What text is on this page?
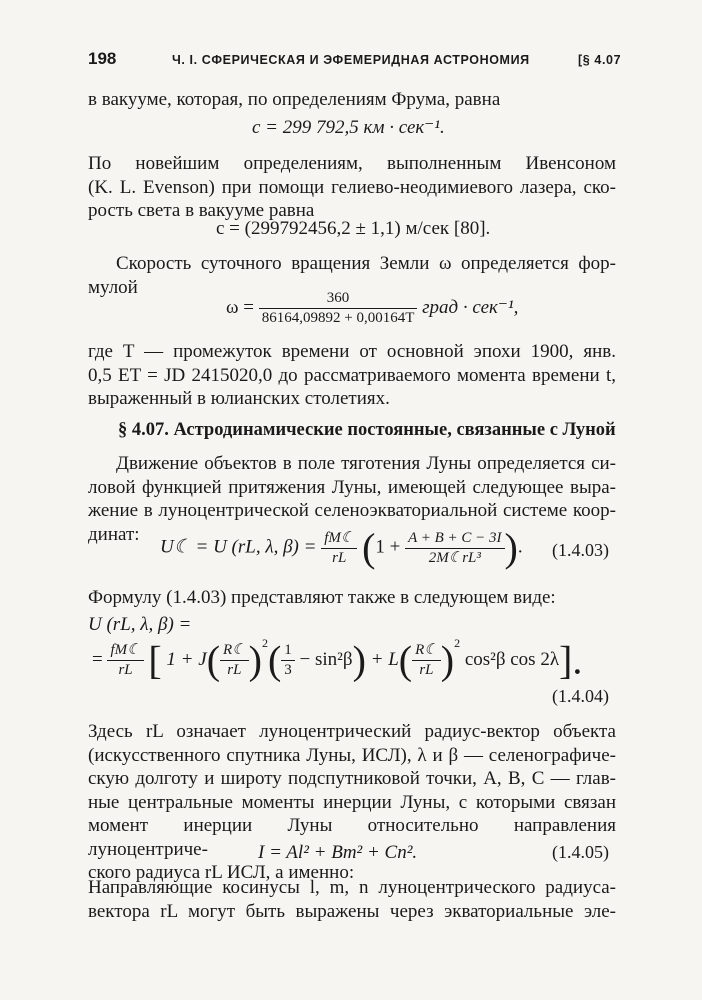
198	Ч. I. СФЕРИЧЕСКАЯ И ЭФЕМЕРИДНАЯ АСТРОНОМИЯ	[§ 4.07
в вакууме, которая, по определениям Фрума, равна
c = 299 792,5 км · сек⁻¹.
По новейшим определениям, выполненным Ивенсоном
(K. L. Evenson) при помощи гелиево-неодимиевого лазера, ско-
рость света в вакууме равна
c = (299792456,2 ± 1,1) м/сек [80].
Скорость суточного вращения Земли ω определяется фор-
мулой
$\omega = \frac{360}{86164,09892 + 0,00164T}$ град · сек⁻¹,
где T — промежуток времени от основной эпохи 1900, янв.
0,5 ET = JD 2415020,0 до рассматриваемого момента времени t,
выраженный в юлианских столетиях.
§ 4.07. Астродинамические постоянные, связанные с Луной
Движение объектов в поле тяготения Луны определяется си-
ловой функцией притяжения Луны, имеющей следующее выра-
жение в луноцентрической селеноэкваториальной системе коор-
динат:
U☾ = U (rL, λ, $\beta) = \frac{fM☾}{rL} (1 + \frac{A + B + C - 3I}{\text{2M☾rL³}}$ ). (1.4.03)
Формулу (1.4.03) представляют также в следующем виде:
U (rL, λ, β) =
= $\frac{fM☾}{rL}$ [ $1 + J( \frac{R☾}{rL} )^2( \frac{1}{3} - \sin^2\beta) + L( \frac{R☾}{rL} )^2$ cos²β cos 2λ].
(1.4.04)
Здесь rL означает луноцентрический радиус-вектор объекта
(искусственного спутника Луны, ИСЛ), λ и β — селенографиче-
скую долготу и широту подспутниковой точки, A, B, C — глав-
ные центральные моменты инерции Луны, с которыми связан
момент инерции Луны относительно направления луноцентриче-
ского радиуса rL ИСЛ, а именно:
I = Al² + Bm² + Cn².	(1.4.05)
Направляющие косинусы l, m, n луноцентрического радиуса-
вектора rL могут быть выражены через экваториальные эле-
